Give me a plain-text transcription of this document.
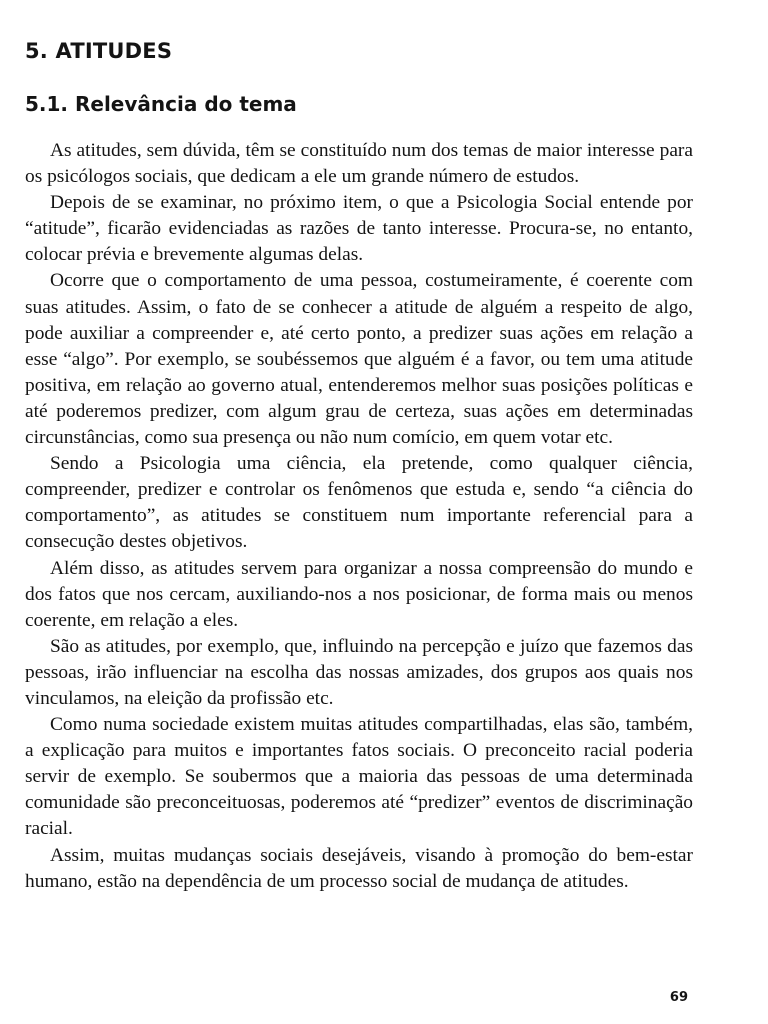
5. ATITUDES
5.1. Relevância do tema

As atitudes, sem dúvida, têm se constituído num dos temas de maior interesse para os psicólogos sociais, que dedicam a ele um grande número de estudos.

Depois de se examinar, no próximo item, o que a Psicologia Social entende por “atitude”, ficarão evidenciadas as razões de tanto interesse. Procura-se, no entanto, colocar prévia e brevemente algumas delas.

Ocorre que o comportamento de uma pessoa, costumeiramente, é coerente com suas atitudes. Assim, o fato de se conhecer a atitude de alguém a respeito de algo, pode auxiliar a compreender e, até certo ponto, a predizer suas ações em relação a esse “algo”. Por exemplo, se soubéssemos que alguém é a favor, ou tem uma atitude positiva, em relação ao governo atual, entenderemos melhor suas posições políticas e até poderemos predizer, com algum grau de certeza, suas ações em determinadas circunstâncias, como sua presença ou não num comício, em quem votar etc.

Sendo a Psicologia uma ciência, ela pretende, como qualquer ciência, compreender, predizer e controlar os fenômenos que estuda e, sendo “a ciência do comportamento”, as atitudes se constituem num importante referencial para a consecução destes objetivos.

Além disso, as atitudes servem para organizar a nossa compreensão do mundo e dos fatos que nos cercam, auxiliando-nos a nos posicionar, de forma mais ou menos coerente, em relação a eles.

São as atitudes, por exemplo, que, influindo na percepção e juízo que fazemos das pessoas, irão influenciar na escolha das nossas amizades, dos grupos aos quais nos vinculamos, na eleição da profissão etc.

Como numa sociedade existem muitas atitudes compartilhadas, elas são, também, a explicação para muitos e importantes fatos sociais. O preconceito racial poderia servir de exemplo. Se soubermos que a maioria das pessoas de uma determinada comunidade são preconceituosas, poderemos até “predizer” eventos de discriminação racial.

Assim, muitas mudanças sociais desejáveis, visando à promoção do bem-estar humano, estão na dependência de um processo social de mudança de atitudes.

69
